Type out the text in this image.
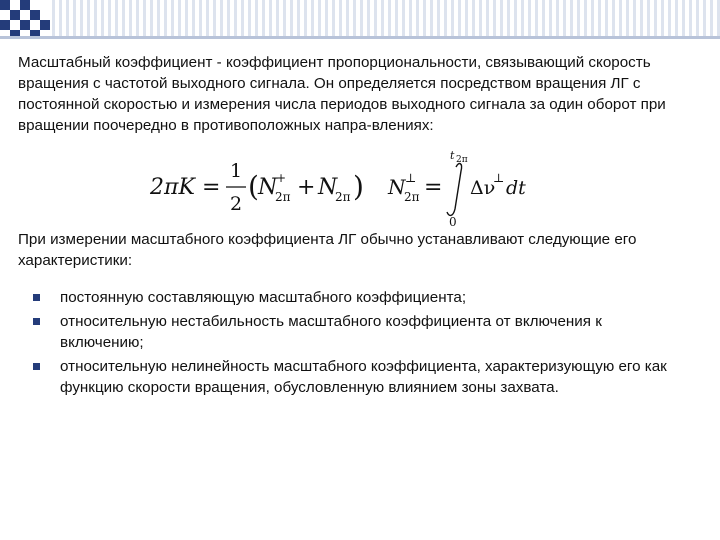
Масштабный коэффициент - коэффициент пропорциональности, связывающий скорость вращения с частотой выходного сигнала. Он определяется посредством вращения ЛГ с постоянной скоростью и измерения числа периодов выходного сигнала за один оборот при вращении поочередно в противоположных напра-влениях:

2πK =
1
2
( N
+
2π + N
2π ) N ⊥
2π =
t 2π
0
Δν
⊥ dt

При измерении масштабного коэффициента ЛГ обычно устанавливают следующие его характеристики:

постоянную составляющую масштабного коэффициента;
относительную нестабильность масштабного коэффициента от включения к включению;
относительную нелинейность масштабного коэффициента, характеризующую его как функцию скорости вращения, обусловленную влиянием зоны захвата.
